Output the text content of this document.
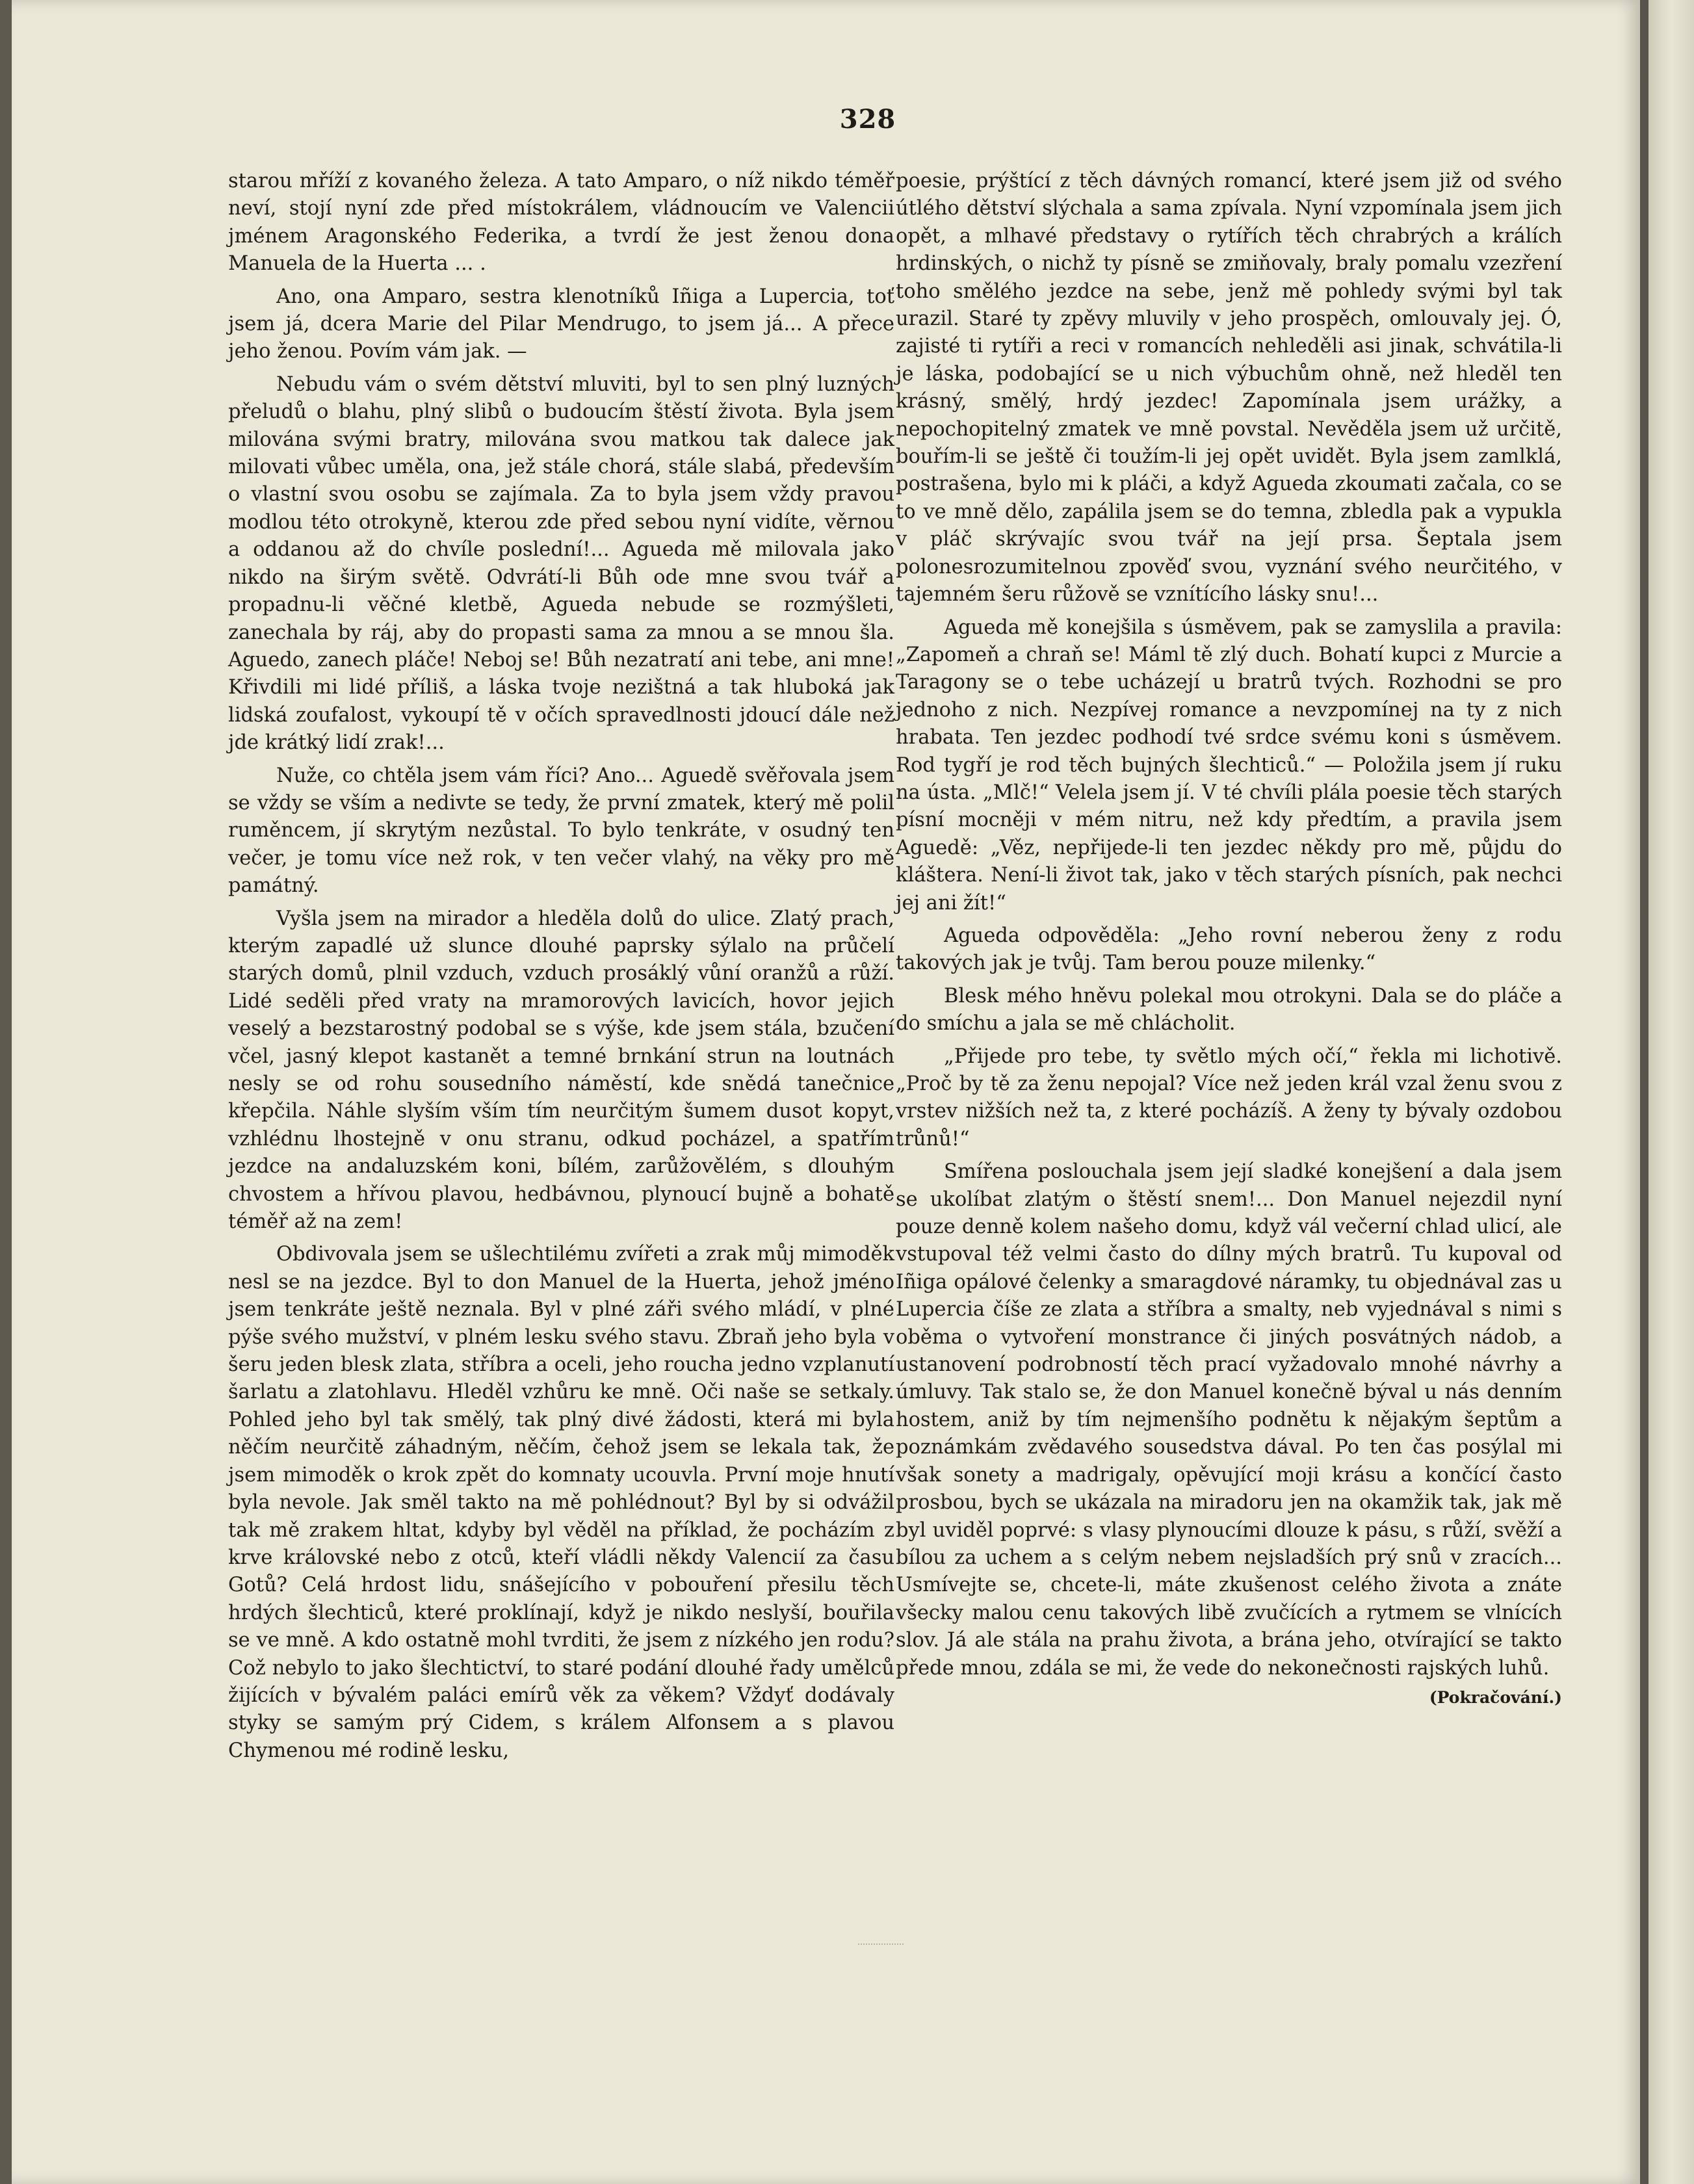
328

starou mříží z kovaného železa. A tato Amparo, o níž nikdo téměř neví, stojí nyní zde před místokrálem, vládnoucím ve Valencii jménem Aragonského Federika, a tvrdí že jest ženou dona Manuela de la Huerta ... .

Ano, ona Amparo, sestra klenotníků Iñiga a Lupercia, toť jsem já, dcera Marie del Pilar Mendrugo, to jsem já... A přece jeho ženou. Povím vám jak. —

Nebudu vám o svém dětství mluviti, byl to sen plný luzných přeludů o blahu, plný slibů o budoucím štěstí života. Byla jsem milována svými bratry, milována svou matkou tak dalece jak milovati vůbec uměla, ona, jež stále chorá, stále slabá, především o vlastní svou osobu se zajímala. Za to byla jsem vždy pravou modlou této otrokyně, kterou zde před sebou nyní vidíte, věrnou a oddanou až do chvíle poslední!... Agueda mě milovala jako nikdo na širým světě. Odvrátí-li Bůh ode mne svou tvář a propadnu-li věčné kletbě, Agueda nebude se rozmýšleti, zanechala by ráj, aby do propasti sama za mnou a se mnou šla. Aguedo, zanech pláče! Neboj se! Bůh nezatratí ani tebe, ani mne! Křivdili mi lidé příliš, a láska tvoje nezištná a tak hluboká jak lidská zoufalost, vykoupí tě v očích spravedlnosti jdoucí dále než jde krátký lidí zrak!...

Nuže, co chtěla jsem vám říci? Ano... Aguedě svěřovala jsem se vždy se vším a nedivte se tedy, že první zmatek, který mě polil ruměncem, jí skrytým nezůstal. To bylo tenkráte, v osudný ten večer, je tomu více než rok, v ten večer vlahý, na věky pro mě památný.

Vyšla jsem na mirador a hleděla dolů do ulice. Zlatý prach, kterým zapadlé už slunce dlouhé paprsky sýlalo na průčelí starých domů, plnil vzduch, vzduch prosáklý vůní oranžů a růží. Lidé seděli před vraty na mramorových lavicích, hovor jejich veselý a bezstarostný podobal se s výše, kde jsem stála, bzučení včel, jasný klepot kastanět a temné brnkání strun na loutnách nesly se od rohu sousedního náměstí, kde snědá tanečnice křepčila. Náhle slyším vším tím neurčitým šumem dusot kopyt, vzhlédnu lhostejně v onu stranu, odkud pocházel, a spatřím jezdce na andaluzském koni, bílém, zarůžovělém, s dlouhým chvostem a hřívou plavou, hedbávnou, plynoucí bujně a bohatě téměř až na zem!

Obdivovala jsem se ušlechtilému zvířeti a zrak můj mimoděk nesl se na jezdce. Byl to don Manuel de la Huerta, jehož jméno jsem tenkráte ještě neznala. Byl v plné záři svého mládí, v plné pýše svého mužství, v plném lesku svého stavu. Zbraň jeho byla v šeru jeden blesk zlata, stříbra a oceli, jeho roucha jedno vzplanutí šarlatu a zlatohlavu. Hleděl vzhůru ke mně. Oči naše se setkaly. Pohled jeho byl tak smělý, tak plný divé žádosti, která mi byla něčím neurčitě záhadným, něčím, čehož jsem se lekala tak, že jsem mimoděk o krok zpět do komnaty ucouvla. První moje hnutí byla nevole. Jak směl takto na mě pohlédnout? Byl by si odvážil tak mě zrakem hltat, kdyby byl věděl na příklad, že pocházím z krve královské nebo z otců, kteří vládli někdy Valencií za času Gotů? Celá hrdost lidu, snášejícího v pobouření přesilu těch hrdých šlechticů, které proklínají, když je nikdo neslyší, bouřila se ve mně. A kdo ostatně mohl tvrditi, že jsem z nízkého jen rodu? Což nebylo to jako šlechtictví, to staré podání dlouhé řady umělců žijících v bývalém paláci emírů věk za věkem? Vždyť dodávaly styky se samým prý Cidem, s králem Alfonsem a s plavou Chymenou mé rodině lesku,

poesie, prýštící z těch dávných romancí, které jsem již od svého útlého dětství slýchala a sama zpívala. Nyní vzpomínala jsem jich opět, a mlhavé představy o rytířích těch chrabrých a králích hrdinských, o nichž ty písně se zmiňovaly, braly pomalu vzezření toho smělého jezdce na sebe, jenž mě pohledy svými byl tak urazil. Staré ty zpěvy mluvily v jeho prospěch, omlouvaly jej. Ó, zajisté ti rytíři a reci v romancích nehleděli asi jinak, schvátila-li je láska, podobající se u nich výbuchům ohně, než hleděl ten krásný, smělý, hrdý jezdec! Zapomínala jsem urážky, a nepochopitelný zmatek ve mně povstal. Nevěděla jsem už určitě, bouřím-li se ještě či toužím-li jej opět uvidět. Byla jsem zamlklá, postrašena, bylo mi k pláči, a když Agueda zkoumati začala, co se to ve mně dělo, zapálila jsem se do temna, zbledla pak a vypukla v pláč skrývajíc svou tvář na její prsa. Šeptala jsem polonesrozumitelnou zpověď svou, vyznání svého neurčitého, v tajemném šeru růžově se vznítícího lásky snu!...

Agueda mě konejšila s úsměvem, pak se zamyslila a pravila: „Zapomeň a chraň se! Máml tě zlý duch. Bohatí kupci z Murcie a Taragony se o tebe ucházejí u bratrů tvých. Rozhodni se pro jednoho z nich. Nezpívej romance a nevzpomínej na ty z nich hrabata. Ten jezdec podhodí tvé srdce svému koni s úsměvem. Rod tygří je rod těch bujných šlechticů.“ — Položila jsem jí ruku na ústa. „Mlč!“ Velela jsem jí. V té chvíli plála poesie těch starých písní mocněji v mém nitru, než kdy předtím, a pravila jsem Aguedě: „Věz, nepřijede-li ten jezdec někdy pro mě, půjdu do kláštera. Není-li život tak, jako v těch starých písních, pak nechci jej ani žít!“

Agueda odpověděla: „Jeho rovní neberou ženy z rodu takových jak je tvůj. Tam berou pouze milenky.“

Blesk mého hněvu polekal mou otrokyni. Dala se do pláče a do smíchu a jala se mě chlácholit.

„Přijede pro tebe, ty světlo mých očí,“ řekla mi lichotivě. „Proč by tě za ženu nepojal? Více než jeden král vzal ženu svou z vrstev nižších než ta, z které pocházíš. A ženy ty bývaly ozdobou trůnů!“

Smířena poslouchala jsem její sladké konejšení a dala jsem se ukolíbat zlatým o štěstí snem!... Don Manuel nejezdil nyní pouze denně kolem našeho domu, když vál večerní chlad ulicí, ale vstupoval též velmi často do dílny mých bratrů. Tu kupoval od Iñiga opálové čelenky a smaragdové náramky, tu objednával zas u Lupercia číše ze zlata a stříbra a smalty, neb vyjednával s nimi s oběma o vytvoření monstrance či jiných posvátných nádob, a ustanovení podrobností těch prací vyžadovalo mnohé návrhy a úmluvy. Tak stalo se, že don Manuel konečně býval u nás denním hostem, aniž by tím nejmenšího podnětu k nějakým šeptům a poznámkám zvědavého sousedstva dával. Po ten čas posýlal mi však sonety a madrigaly, opěvující moji krásu a končící často prosbou, bych se ukázala na miradoru jen na okamžik tak, jak mě byl uviděl poprvé: s vlasy plynoucími dlouze k pásu, s růží, svěží a bílou za uchem a s celým nebem nejsladších prý snů v zracích... Usmívejte se, chcete-li, máte zkušenost celého života a znáte všecky malou cenu takových libě zvučících a rytmem se vlnících slov. Já ale stála na prahu života, a brána jeho, otvírající se takto přede mnou, zdála se mi, že vede do nekonečnosti rajských luhů.
(Pokračování.)
